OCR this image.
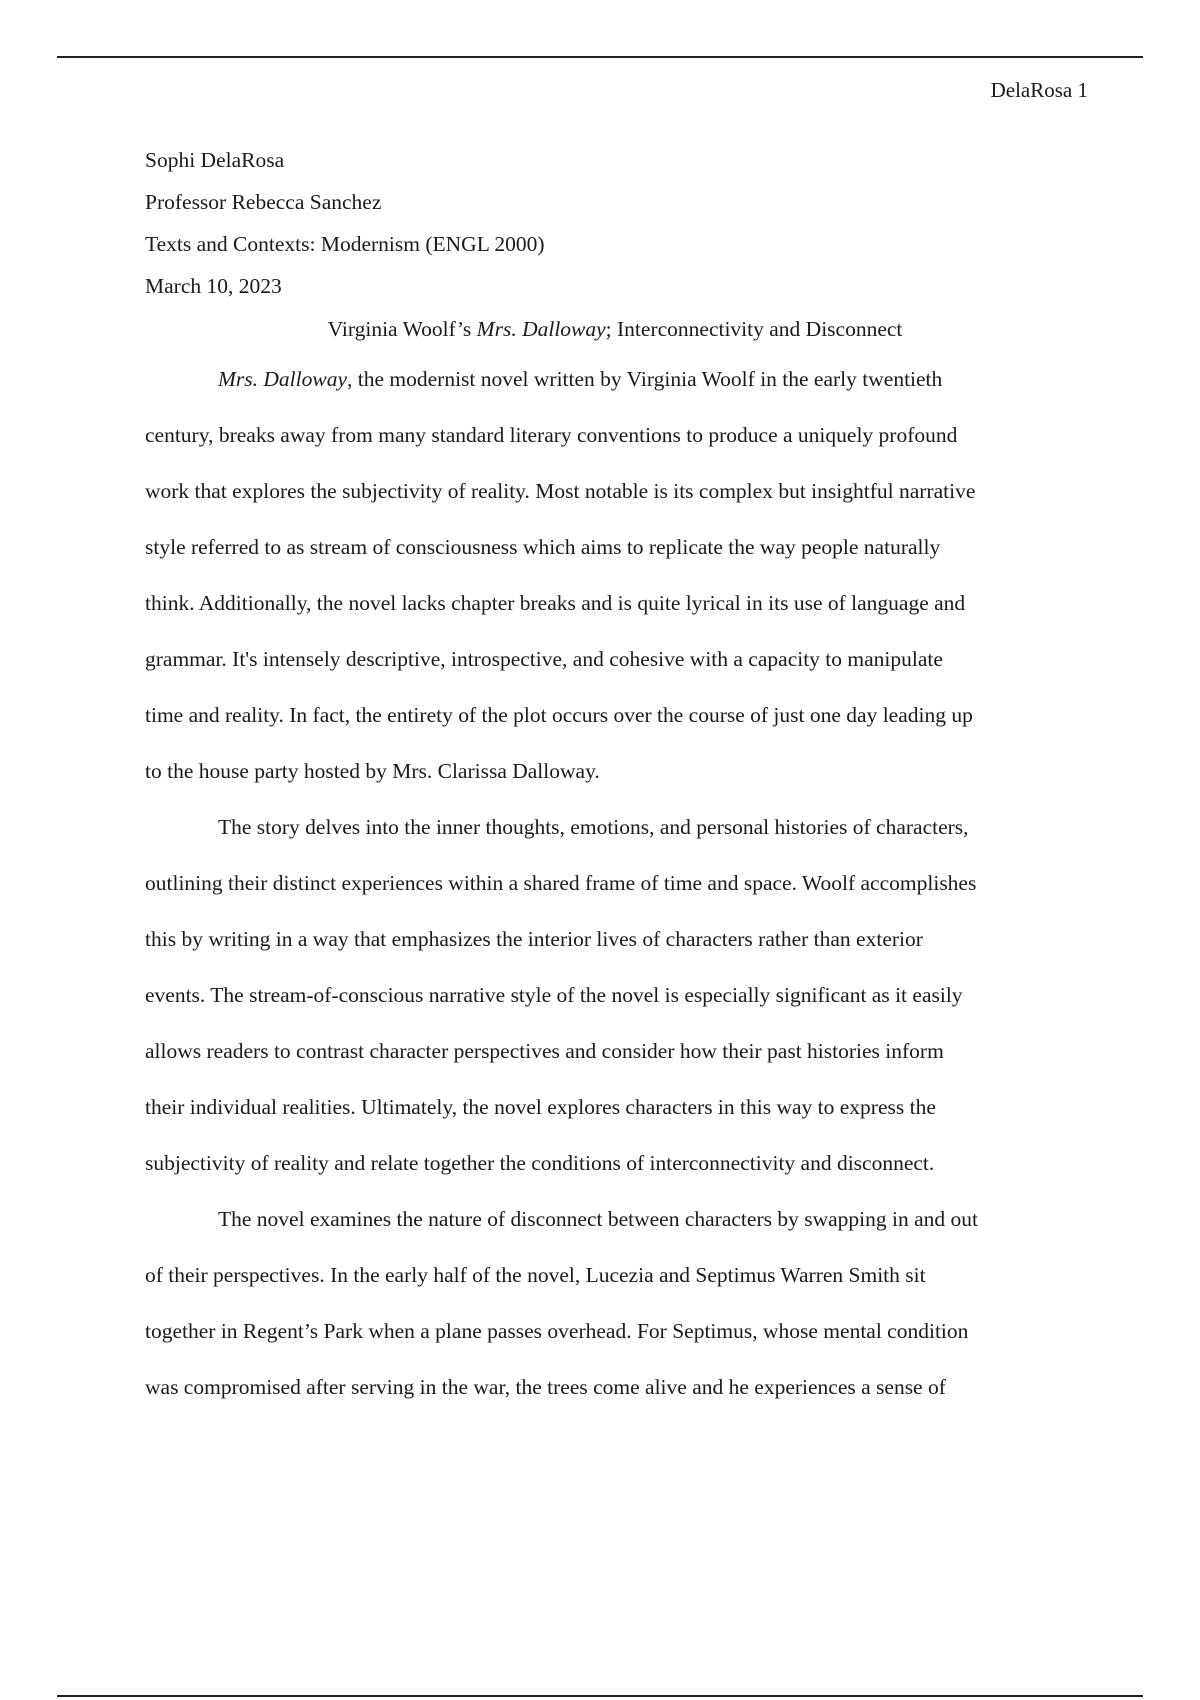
DelaRosa 1
Sophi DelaRosa
Professor Rebecca Sanchez
Texts and Contexts: Modernism (ENGL 2000)
March 10, 2023
Virginia Woolf’s Mrs. Dalloway; Interconnectivity and Disconnect
Mrs. Dalloway, the modernist novel written by Virginia Woolf in the early twentieth
century, breaks away from many standard literary conventions to produce a uniquely profound
work that explores the subjectivity of reality. Most notable is its complex but insightful narrative
style referred to as stream of consciousness which aims to replicate the way people naturally
think. Additionally, the novel lacks chapter breaks and is quite lyrical in its use of language and
grammar. It's intensely descriptive, introspective, and cohesive with a capacity to manipulate
time and reality. In fact, the entirety of the plot occurs over the course of just one day leading up
to the house party hosted by Mrs. Clarissa Dalloway.
The story delves into the inner thoughts, emotions, and personal histories of characters,
outlining their distinct experiences within a shared frame of time and space. Woolf accomplishes
this by writing in a way that emphasizes the interior lives of characters rather than exterior
events. The stream-of-conscious narrative style of the novel is especially significant as it easily
allows readers to contrast character perspectives and consider how their past histories inform
their individual realities. Ultimately, the novel explores characters in this way to express the
subjectivity of reality and relate together the conditions of interconnectivity and disconnect.
The novel examines the nature of disconnect between characters by swapping in and out
of their perspectives. In the early half of the novel, Lucezia and Septimus Warren Smith sit
together in Regent’s Park when a plane passes overhead. For Septimus, whose mental condition
was compromised after serving in the war, the trees come alive and he experiences a sense of
